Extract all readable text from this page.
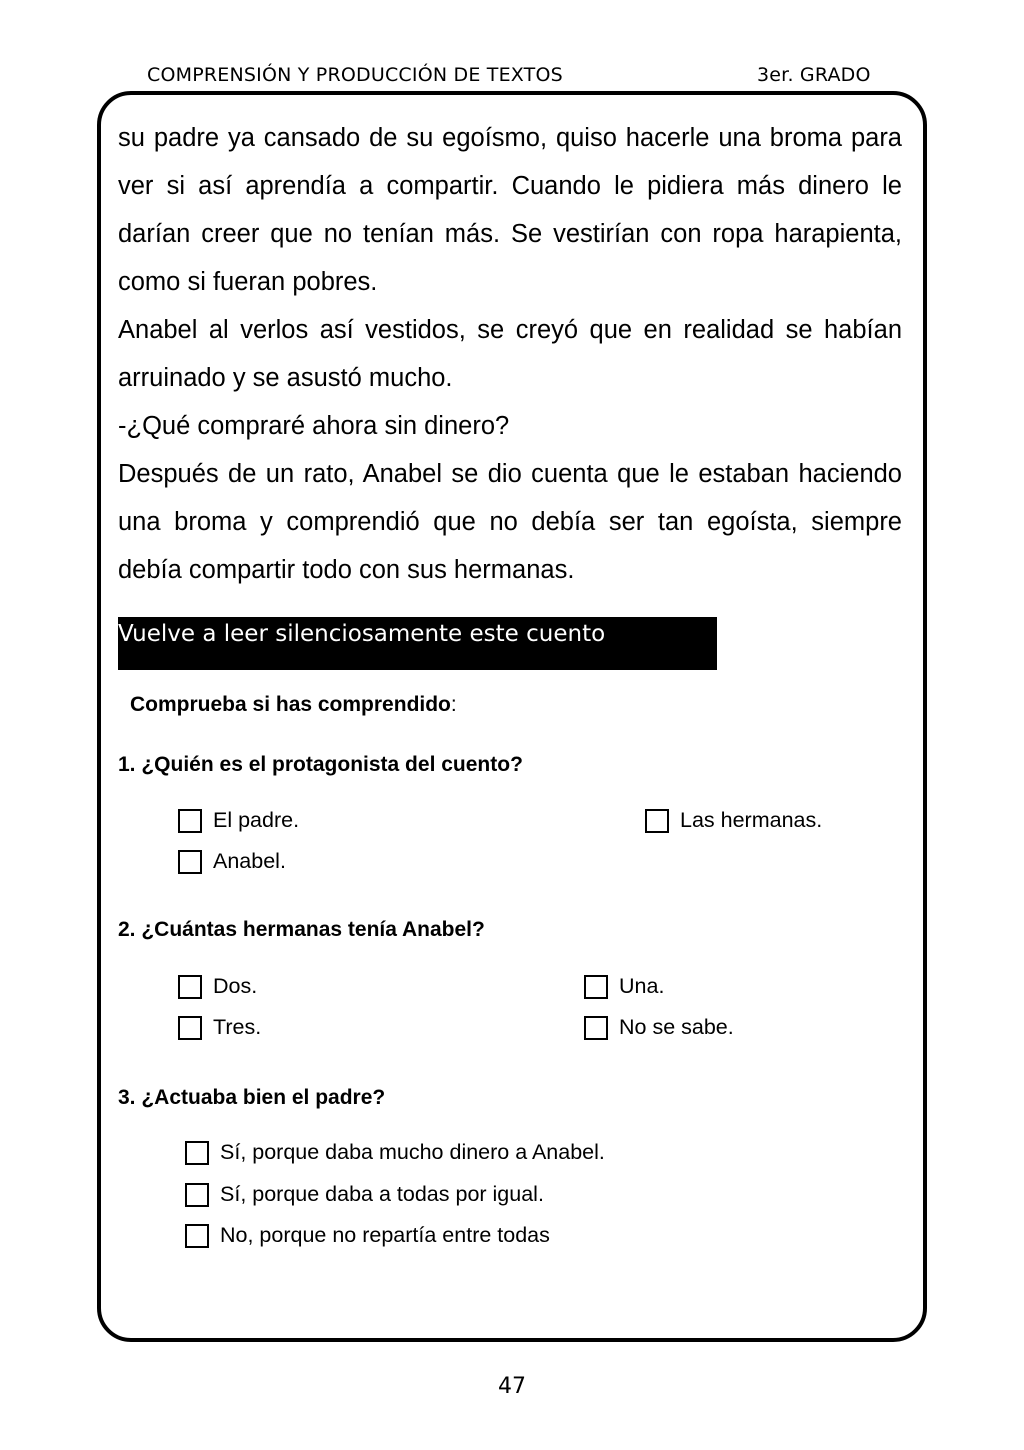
COMPRENSIÓN Y PRODUCCIÓN DE TEXTOS	3er. GRADO

su padre ya cansado de su egoísmo, quiso hacerle una broma para ver si así aprendía a compartir. Cuando le pidiera más dinero le darían creer que no tenían más. Se vestirían con ropa harapienta, como si fueran pobres.

Anabel al verlos así vestidos, se creyó que en realidad se habían arruinado y se asustó mucho.

-¿Qué compraré ahora sin dinero?

Después de un rato, Anabel se dio cuenta que le estaban haciendo una broma y comprendió que no debía ser tan egoísta, siempre debía compartir todo con sus hermanas.

Vuelve a leer silenciosamente este cuento
Comprueba si has comprendido:
1. ¿Quién es el protagonista del cuento?
El padre.	Las hermanas.
Anabel.
2. ¿Cuántas hermanas tenía Anabel?
Dos.	Una.
Tres.	No se sabe.
3. ¿Actuaba bien el padre?
Sí, porque daba mucho dinero a Anabel.
Sí, porque daba a todas por igual.
No, porque no repartía entre todas
47
